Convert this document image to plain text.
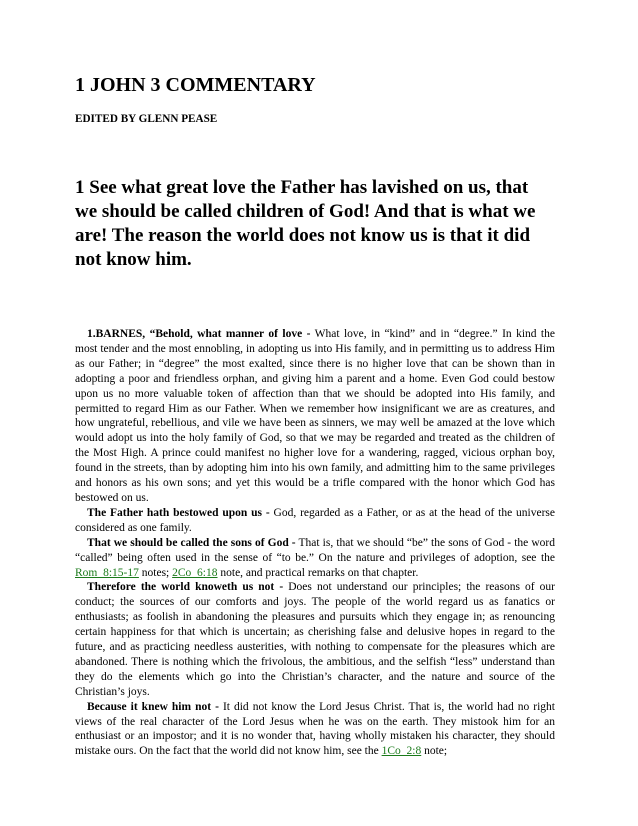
1 JOHN 3 COMMENTARY
EDITED BY GLENN PEASE
1 See what great love the Father has lavished on us, that we should be called children of God! And that is what we are! The reason the world does not know us is that it did not know him.

1.BARNES, “Behold, what manner of love - What love, in “kind” and in “degree.” In kind the most tender and the most ennobling, in adopting us into His family, and in permitting us to address Him as our Father; in “degree” the most exalted, since there is no higher love that can be shown than in adopting a poor and friendless orphan, and giving him a parent and a home. Even God could bestow upon us no more valuable token of affection than that we should be adopted into His family, and permitted to regard Him as our Father. When we remember how insignificant we are as creatures, and how ungrateful, rebellious, and vile we have been as sinners, we may well be amazed at the love which would adopt us into the holy family of God, so that we may be regarded and treated as the children of the Most High. A prince could manifest no higher love for a wandering, ragged, vicious orphan boy, found in the streets, than by adopting him into his own family, and admitting him to the same privileges and honors as his own sons; and yet this would be a trifle compared with the honor which God has bestowed on us.

The Father hath bestowed upon us - God, regarded as a Father, or as at the head of the universe considered as one family.

That we should be called the sons of God - That is, that we should “be” the sons of God - the word “called” being often used in the sense of “to be.” On the nature and privileges of adoption, see the Rom_8:15-17 notes; 2Co_6:18 note, and practical remarks on that chapter.

Therefore the world knoweth us not - Does not understand our principles; the reasons of our conduct; the sources of our comforts and joys. The people of the world regard us as fanatics or enthusiasts; as foolish in abandoning the pleasures and pursuits which they engage in; as renouncing certain happiness for that which is uncertain; as cherishing false and delusive hopes in regard to the future, and as practicing needless austerities, with nothing to compensate for the pleasures which are abandoned. There is nothing which the frivolous, the ambitious, and the selfish “less” understand than they do the elements which go into the Christian’s character, and the nature and source of the Christian’s joys.

Because it knew him not - It did not know the Lord Jesus Christ. That is, the world had no right views of the real character of the Lord Jesus when he was on the earth. They mistook him for an enthusiast or an impostor; and it is no wonder that, having wholly mistaken his character, they should mistake ours. On the fact that the world did not know him, see the 1Co_2:8 note;
